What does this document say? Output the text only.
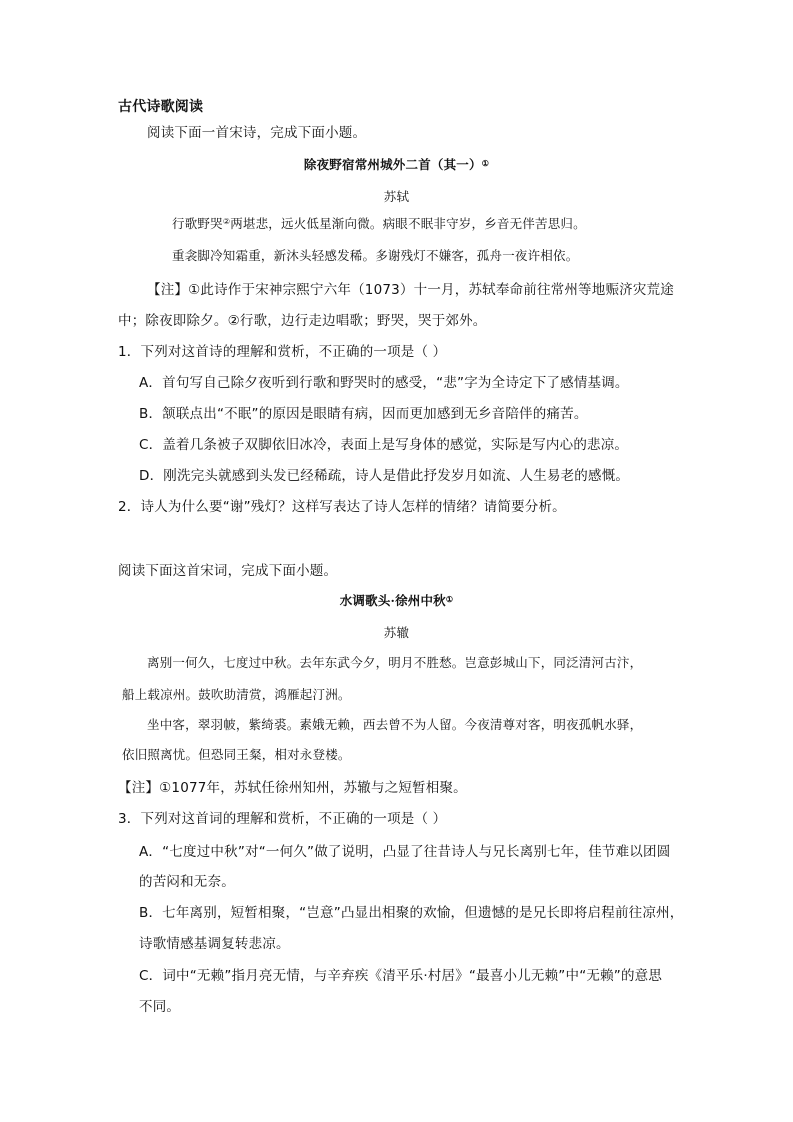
古代诗歌阅读
阅读下面一首宋诗，完成下面小题。
除夜野宿常州城外二首（其一）①
苏轼
行歌野哭②两堪悲，远火低星渐向微。病眼不眠非守岁，乡音无伴苦思归。
重衾脚冷知霜重，新沐头轻感发稀。多谢残灯不嫌客，孤舟一夜许相依。
【注】①此诗作于宋神宗熙宁六年（1073）十一月，苏轼奉命前往常州等地赈济灾荒途
中；除夜即除夕。②行歌，边行走边唱歌；野哭，哭于郊外。
1．下列对这首诗的理解和赏析，不正确的一项是（ ）
A．首句写自己除夕夜听到行歌和野哭时的感受，“悲”字为全诗定下了感情基调。
B．颔联点出“不眠”的原因是眼睛有病，因而更加感到无乡音陪伴的痛苦。
C．盖着几条被子双脚依旧冰冷，表面上是写身体的感觉，实际是写内心的悲凉。
D．刚洗完头就感到头发已经稀疏，诗人是借此抒发岁月如流、人生易老的感慨。
2．诗人为什么要“谢”残灯？这样写表达了诗人怎样的情绪？请简要分析。
阅读下面这首宋词，完成下面小题。
水调歌头·徐州中秋①
苏辙
离别一何久，七度过中秋。去年东武今夕，明月不胜愁。岂意彭城山下，同泛清河古汴，
船上载凉州。鼓吹助清赏，鸿雁起汀洲。
坐中客，翠羽帔，紫绮裘。素娥无赖，西去曾不为人留。今夜清尊对客，明夜孤帆水驿，
依旧照离忧。但恐同王粲，相对永登楼。
【注】①1077年，苏轼任徐州知州，苏辙与之短暂相聚。
3．下列对这首词的理解和赏析，不正确的一项是（ ）
A．“七度过中秋”对“一何久”做了说明，凸显了往昔诗人与兄长离别七年，佳节难以团圆
的苦闷和无奈。
B．七年离别，短暂相聚，“岂意”凸显出相聚的欢愉，但遗憾的是兄长即将启程前往凉州，
诗歌情感基调复转悲凉。
C．词中“无赖”指月亮无情，与辛弃疾《清平乐·村居》“最喜小儿无赖”中“无赖”的意思
不同。
